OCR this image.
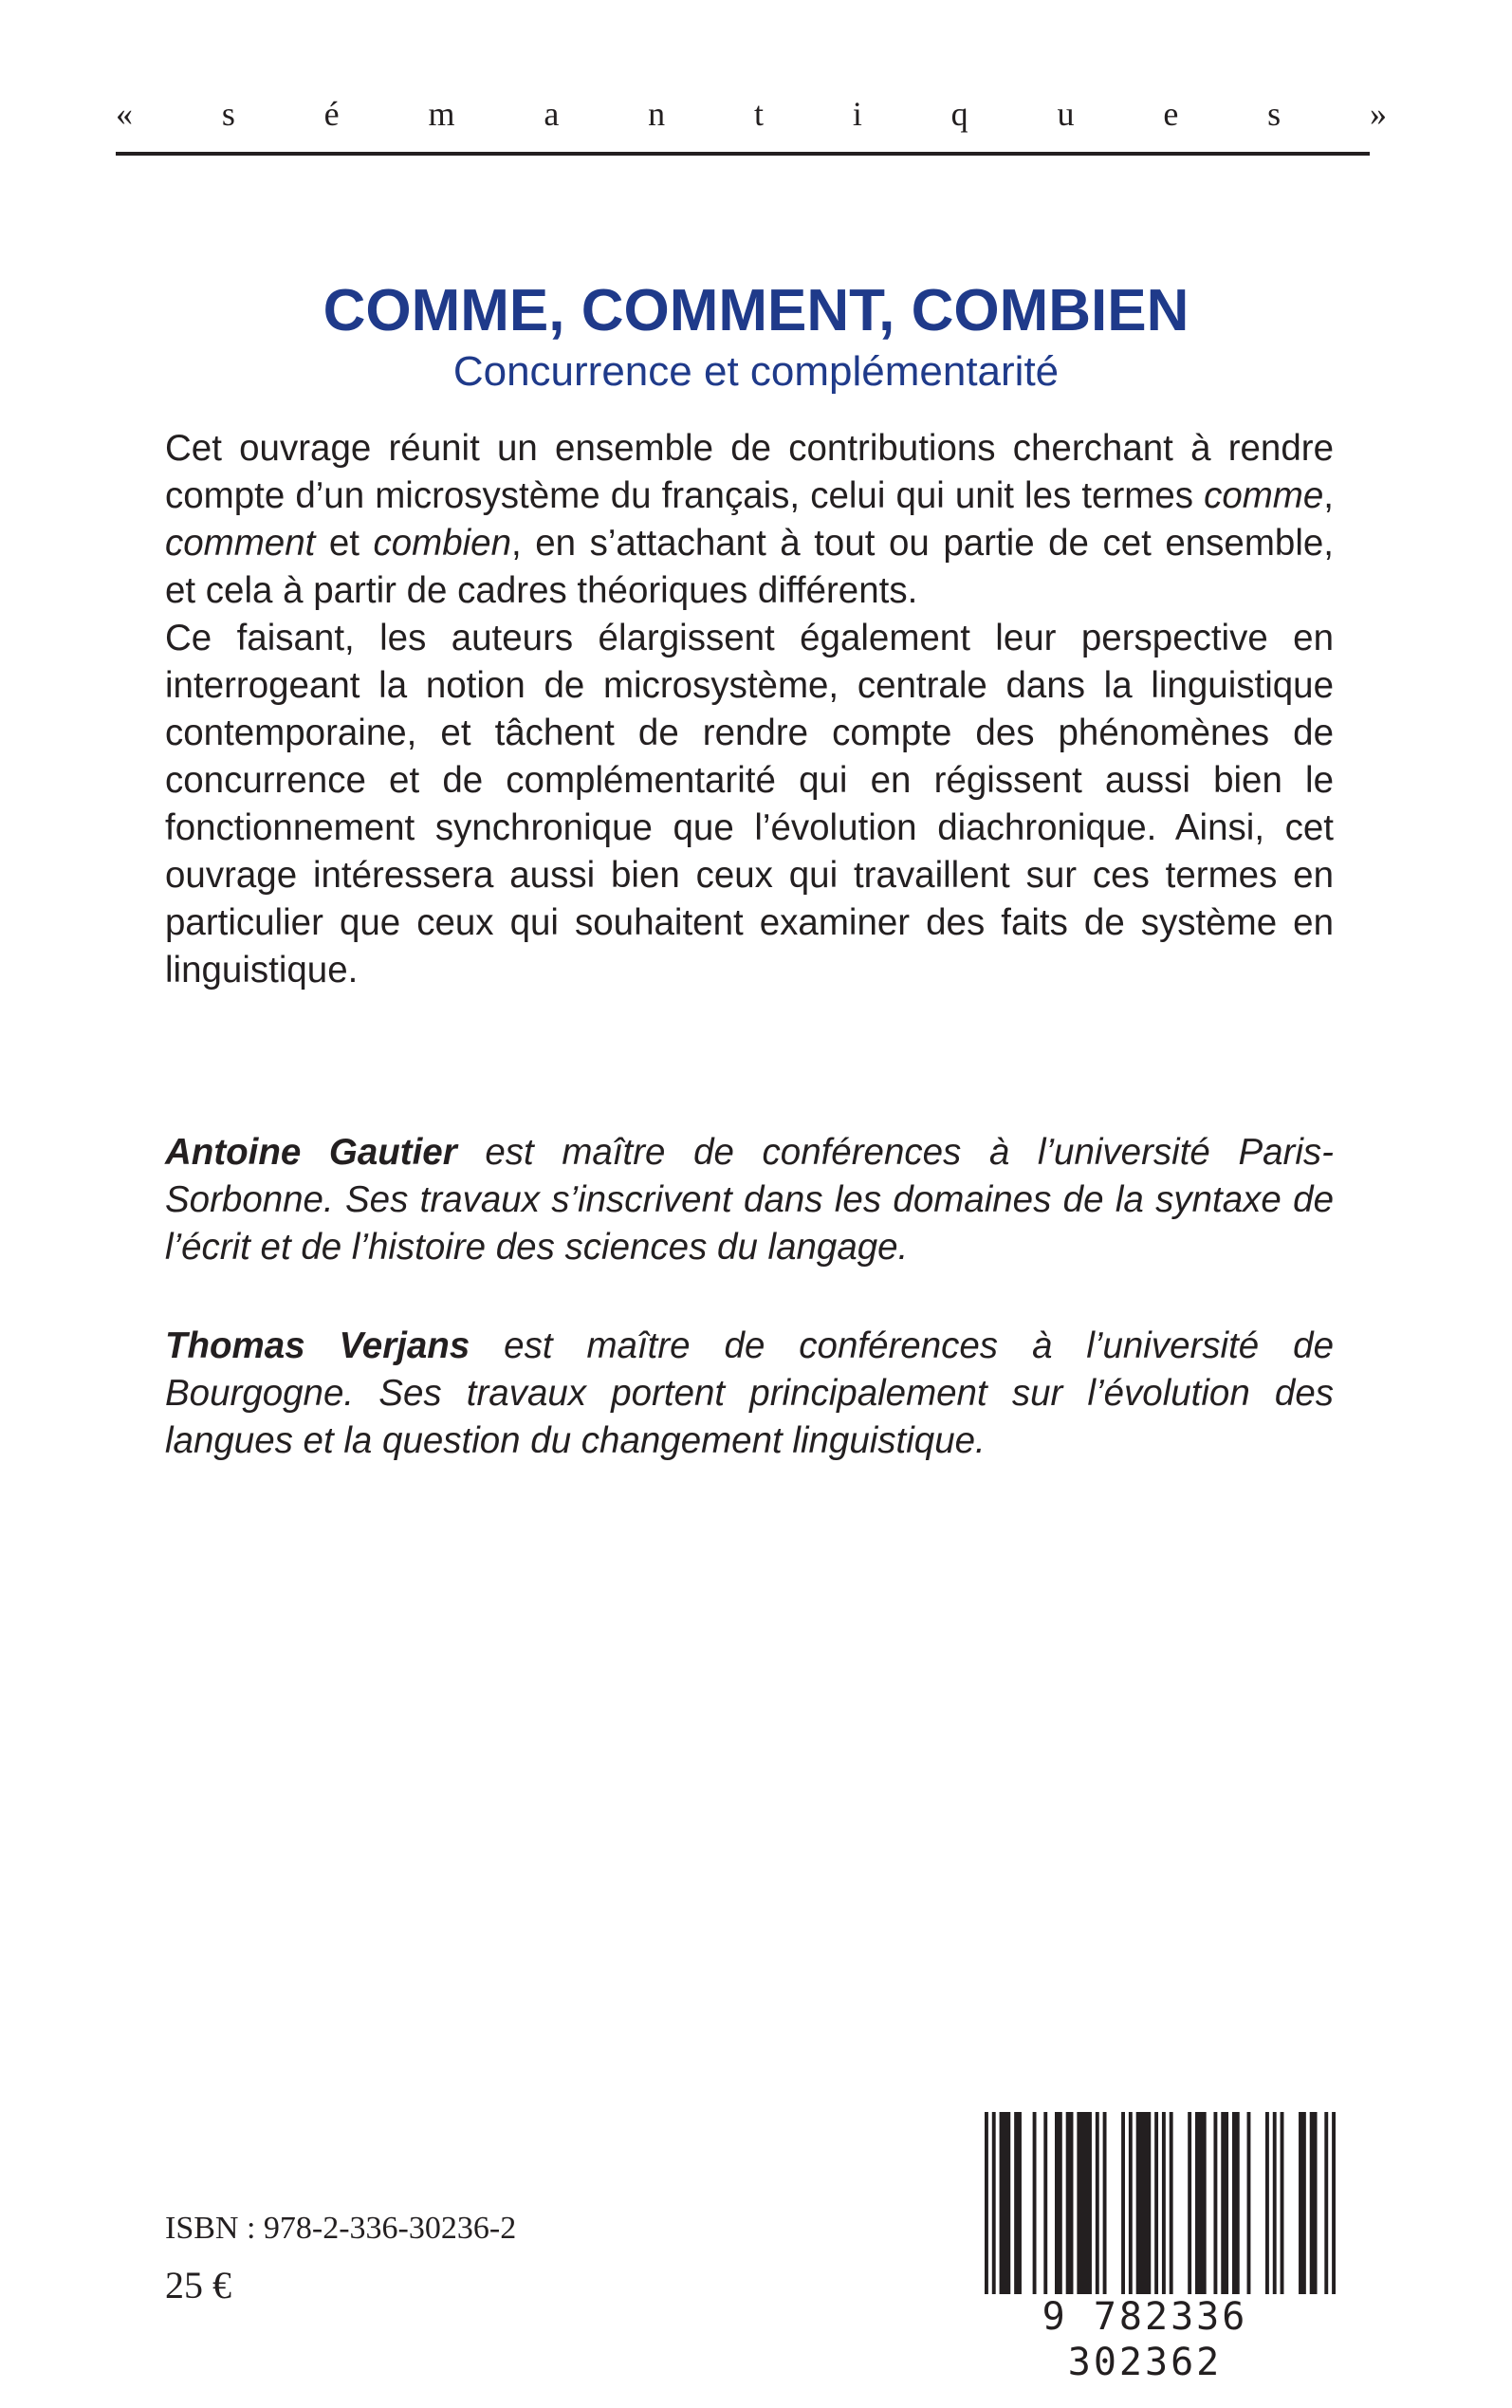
«	s	é	m	a	n	t	i	q	u	e	s	»
COMME, COMMENT, COMBIEN
Concurrence et complémentarité

Cet ouvrage réunit un ensemble de contributions cherchant à rendre compte d’un microsystème du français, celui qui unit les termes comme, comment et combien, en s’attachant à tout ou partie de cet ensemble, et cela à partir de cadres théoriques différents.

Ce faisant, les auteurs élargissent également leur perspective en interrogeant la notion de microsystème, centrale dans la linguistique contemporaine, et tâchent de rendre compte des phénomènes de concurrence et de complémentarité qui en régissent aussi bien le fonctionnement synchronique que l’évolution diachronique. Ainsi, cet ouvrage intéressera aussi bien ceux qui travaillent sur ces termes en particulier que ceux qui souhaitent examiner des faits de système en linguistique.

Antoine Gautier est maître de conférences à l’université Paris-Sorbonne. Ses travaux s’inscrivent dans les domaines de la syntaxe de l’écrit et de l’histoire des sciences du langage.

Thomas Verjans est maître de conférences à l’université de Bourgogne. Ses travaux portent principalement sur l’évolution des langues et la question du changement linguistique.

ISBN : 978-2-336-30236-2
25 €
9 782336 302362
